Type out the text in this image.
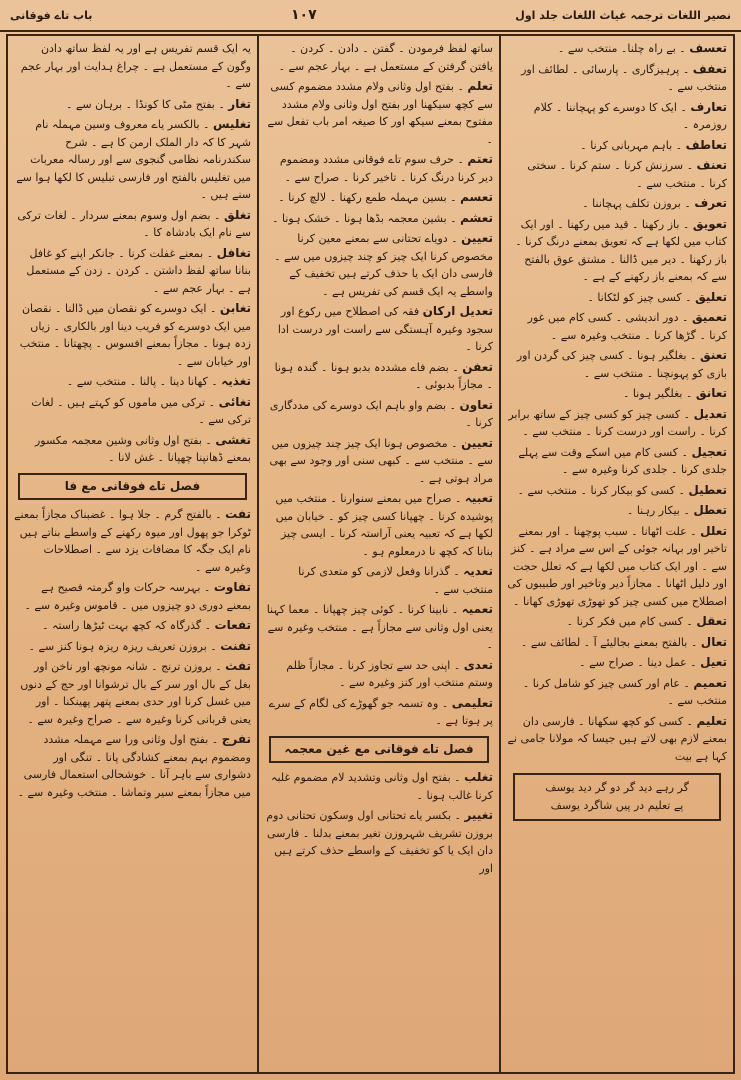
باب تاے فوقانی	۱۰۷	نصیر اللغات ترجمہ غیاث اللغات جلد اول

تعسف ۔ بے راہ چلنا۔ منتخب سے ۔

تعفف ۔ پرہیزگاری ۔ پارسائی ۔ لطائف اور منتخب سے ۔

تعارف ۔ ایک کا دوسرے کو پہچاننا ۔ کلام روزمرہ ۔

تعاطف ۔ باہم مہربانی کرنا ۔

تعنف ۔ سرزنش کرنا ۔ ستم کرنا ۔ سختی کرنا ۔ منتخب سے ۔

تعرف ۔ بروزن تکلف پہچاننا ۔

تعویق ۔ باز رکھنا ۔ قید میں رکھنا ۔ اور ایک کتاب میں لکھا ہے کہ تعویق بمعنے درنگ کرنا ۔ باز رکھنا ۔ دیر میں ڈالنا ۔ مشتق عوق بالفتح سے کہ بمعنے باز رکھنے کے ہے ۔

تعلیق ۔ کسی چیز کو لٹکانا ۔

تعمیق ۔ دور اندیشی ۔ کسی کام میں غور کرنا ۔ گڑھا کرنا ۔ منتخب وغیرہ سے ۔

تعنق ۔ بغلگیر ہونا ۔ کسی چیز کی گردن اور بازی کو پہونچنا ۔ منتخب سے ۔

تعانق ۔ بغلگیر ہونا ۔

تعدیل ۔ کسی چیز کو کسی چیز کے ساتھ برابر کرنا ۔ راست اور درست کرنا ۔ منتخب سے ۔

تعجیل ۔ کسی کام میں اسکے وقت سے پہلے جلدی کرنا ۔ جلدی کرنا وغیرہ سے ۔

تعطیل ۔ کسی کو بیکار کرنا ۔ منتخب سے ۔

تعطل ۔ بیکار رہنا ۔

تعلل ۔ علت اٹھانا ۔ سبب پوچھنا ۔ اور بمعنے تاخیر اور بہانہ جوئی کے اس سے مراد ہے ۔ کنز سے ۔ اور ایک کتاب میں لکھا ہے کہ تعلل حجت اور دلیل اٹھانا ۔ مجازاً دیر وتاخیر اور طبیبوں کی اصطلاح میں کسی چیز کو تھوڑی تھوڑی کھانا ۔

تعقل ۔ کسی کام میں فکر کرنا ۔

تعال ۔ بالفتح بمعنے بجالیئے آ ۔ لطائف سے ۔

تعیل ۔ عمل دینا ۔ صراح سے ۔

تعمیم ۔ عام اور کسی چیز کو شامل کرنا ۔ منتخب سے ۔

تعلیم ۔ کسی کو کچھ سکھانا ۔ فارسی دان بمعنے لازم بھی لاتے ہیں جیسا کہ مولانا جامی نے کہا ہے بیت

گر رہے دید گر دو گر دید یوسف
پے تعلیم در پیں شاگرد یوسف

ساتھ لفظ فرمودن ۔ گفتن ۔ دادن ۔ کردن ۔ یافتن گرفتن کے مستعمل ہے ۔ بہار عجم سے ۔

تعلم ۔ بفتح اول وثانی ولام مشدد مضموم کسی سے کچھ سیکھنا اور بفتح اول وثانی ولام مشدد مفتوح بمعنے سیکھ اور کا صیغہ امر باب تفعل سے ۔

تعتم ۔ حرف سوم تاے فوقانی مشدد ومضموم دیر کرنا درنگ کرنا ۔ تاخیر کرنا ۔ صراح سے ۔

تعسم ۔ بسین مہملہ طمع رکھنا ۔ لالچ کرنا ۔

تعشم ۔ بشین معجمہ بڈھا ہونا ۔ خشک ہونا ۔

تعیین ۔ دویاے تحتانی سے بمعنے معین کرنا مخصوص کرنا ایک چیز کو چند چیزوں میں سے ۔ فارسی دان ایک یا حذف کرتے ہیں تخفیف کے واسطے یہ ایک قسم کی تفریس ہے ۔

تعدیل ارکان فقہ کی اصطلاح میں رکوع اور سجود وغیرہ آہستگی سے راست اور درست ادا کرنا ۔

تعفن ۔ بضم فاے مشددہ بدبو ہونا ۔ گندہ ہونا ۔ مجازاً بدبوئی ۔

تعاون ۔ بضم واو باہم ایک دوسرے کی مددگاری کرنا ۔

تعیین ۔ مخصوص ہونا ایک چیز چند چیزوں میں سے ۔ منتخب سے ۔ کبھی سنی اور وجود سے بھی مراد ہوتی ہے ۔

تعبیہ ۔ صراح میں بمعنے سنوارنا ۔ منتخب میں پوشیدہ کرنا ۔ چھپانا کسی چیز کو ۔ خیابان میں لکھا ہے کہ تعبیہ یعنی آراستہ کرنا ۔ ایسی چیز بنانا کہ کچھ نا درمعلوم ہو ۔

تعدیہ ۔ گذرانا وفعل لازمی کو متعدی کرنا منتخب سے ۔

تعمیہ ۔ نابینا کرنا ۔ کوئی چیز چھپانا ۔ معما کہنا یعنی اول وثانی سے مجازاً ہے ۔ منتخب وغیرہ سے ۔

تعدی ۔ اپنی حد سے تجاوز کرنا ۔ مجازاً ظلم وستم منتخب اور کنز وغیرہ سے ۔

تعلیمی ۔ وہ تسمہ جو گھوڑے کی لگام کے سرے پر ہوتا ہے ۔

فصل تاے فوقانی مع غین معجمہ

تغلب ۔ بفتح اول وثانی وتشدید لام مضموم غلبہ کرنا غالب ہونا ۔

تغییر ۔ بکسر یاے تحتانی اول وسکون تحتانی دوم بروزن تشریف شہروزن تغیر بمعنے بدلنا ۔ فارسی دان ایک یا کو تخفیف کے واسطے حذف کرتے ہیں اور

یہ ایک قسم تفریس ہے اور یہ لفظ ساتھ دادن وگون کے مستعمل ہے ۔ چراغ ہدایت اور بہار عجم سے ۔

تغار ۔ بفتح مٹی کا کونڈا ۔ برہان سے ۔

تغلیس ۔ بالکسر یاے معروف وسین مہملہ نام شہر کا کہ دار الملک ارمن کا ہے ۔ شرح سکندرنامہ نظامی گنجوی سے اور رسالہ معربات میں تغلیس بالفتح اور فارسی تبلیس کا لکھا ہوا سے سنے ہیں ۔

تغلق ۔ بضم اول وسوم بمعنے سردار ۔ لغات ترکی سے نام ایک بادشاہ کا ۔

تغافل ۔ بمعنے غفلت کرنا ۔ جانکر اپنے کو غافل بنانا ساتھ لفظ داشتن ۔ کردن ۔ زدن کے مستعمل ہے ۔ بہار عجم سے ۔

تغابن ۔ ایک دوسرے کو نقصان میں ڈالنا ۔ نقصان میں ایک دوسرے کو فریب دینا اور بالکاری ۔ زیاں زدہ ہونا ۔ مجازاً بمعنے افسوس ۔ پچھتانا ۔ منتخب اور خیابان سے ۔

تغذیہ ۔ کھانا دینا ۔ پالنا ۔ منتخب سے ۔

تغائی ۔ ترکی میں ماموں کو کہتے ہیں ۔ لغات ترکی سے ۔

تغشی ۔ بفتح اول وثانی وشین معجمہ مکسور بمعنے ڈھانپنا چھپانا ۔ غش لانا ۔

فصل تاے فوقانی مع فا

تفت ۔ بالفتح گرم ۔ جلا ہوا ۔ غضبناک مجازاً بمعنے ٹوکرا جو پھول اور میوہ رکھنے کے واسطے بناتے ہیں نام ایک جگہ کا مضافات یزد سے ۔ اصطلاحات وغیرہ سے ۔

تفاوت ۔ بہرسہ حرکات واو گرمتہ فصیح ہے بمعنے دوری دو چیزوں میں ۔ قاموس وغیرہ سے ۔

تفعات ۔ گذرگاہ کہ کچھ بہت ٹیڑھا راستہ ۔

تفنت ۔ بروزن تعریف ریزہ ریزہ ہونا کنز سے ۔

تفث ۔ بروزن ترنج ۔ شانہ مونچھ اور ناخن اور بغل کے بال اور سر کے بال ترشوانا اور حج کے دنوں میں غسل کرنا اور حدی بمعنے پتھر پھینکنا ۔ اور یعنی قربانی کرنا وغیرہ سے ۔ صراح وغیرہ سے ۔

تفرج ۔ بفتح اول وثانی ورا سے مہملہ مشدد ومضموم بہم بمعنے کشادگی پانا ۔ تنگی اور دشواری سے باہر آنا ۔ خوشحالی استعمال فارسی میں مجازاً بمعنے سیر وتماشا ۔ منتخب وغیرہ سے ۔
